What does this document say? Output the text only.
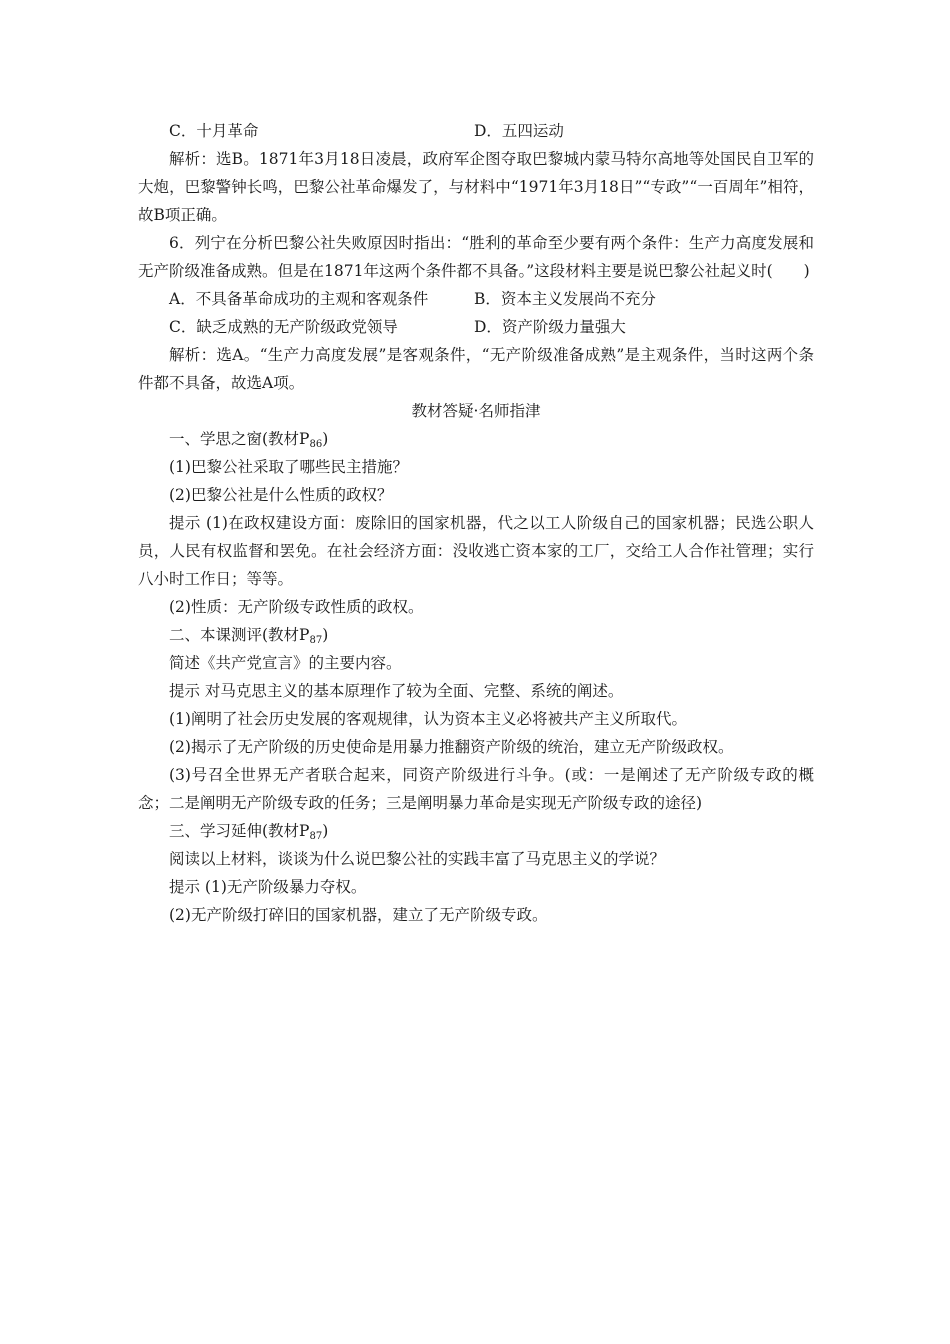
C．十月革命	D．五四运动

解析：选B。1871年3月18日凌晨，政府军企图夺取巴黎城内蒙马特尔高地等处国民自卫军的大炮，巴黎警钟长鸣，巴黎公社革命爆发了，与材料中“1971年3月18日”“专政”“一百周年”相符，故B项正确。

6．列宁在分析巴黎公社失败原因时指出：“胜利的革命至少要有两个条件：生产力高度发展和无产阶级准备成熟。但是在1871年这两个条件都不具备。”这段材料主要是说巴黎公社起义时(　　)

A．不具备革命成功的主观和客观条件	B．资本主义发展尚不充分
C．缺乏成熟的无产阶级政党领导	D．资产阶级力量强大

解析：选A。“生产力高度发展”是客观条件，“无产阶级准备成熟”是主观条件，当时这两个条件都不具备，故选A项。

教材答疑·名师指津

一、学思之窗(教材$P_{86}$)

(1)巴黎公社采取了哪些民主措施？

(2)巴黎公社是什么性质的政权？

提示 (1)在政权建设方面：废除旧的国家机器，代之以工人阶级自己的国家机器；民选公职人员，人民有权监督和罢免。在社会经济方面：没收逃亡资本家的工厂，交给工人合作社管理；实行八小时工作日；等等。

(2)性质：无产阶级专政性质的政权。

二、本课测评(教材$P_{87}$)

简述《共产党宣言》的主要内容。

提示 对马克思主义的基本原理作了较为全面、完整、系统的阐述。

(1)阐明了社会历史发展的客观规律，认为资本主义必将被共产主义所取代。

(2)揭示了无产阶级的历史使命是用暴力推翻资产阶级的统治，建立无产阶级政权。

(3)号召全世界无产者联合起来，同资产阶级进行斗争。(或：一是阐述了无产阶级专政的概念；二是阐明无产阶级专政的任务；三是阐明暴力革命是实现无产阶级专政的途径)

三、学习延伸(教材$P_{87}$)

阅读以上材料，谈谈为什么说巴黎公社的实践丰富了马克思主义的学说？

提示 (1)无产阶级暴力夺权。

(2)无产阶级打碎旧的国家机器，建立了无产阶级专政。
